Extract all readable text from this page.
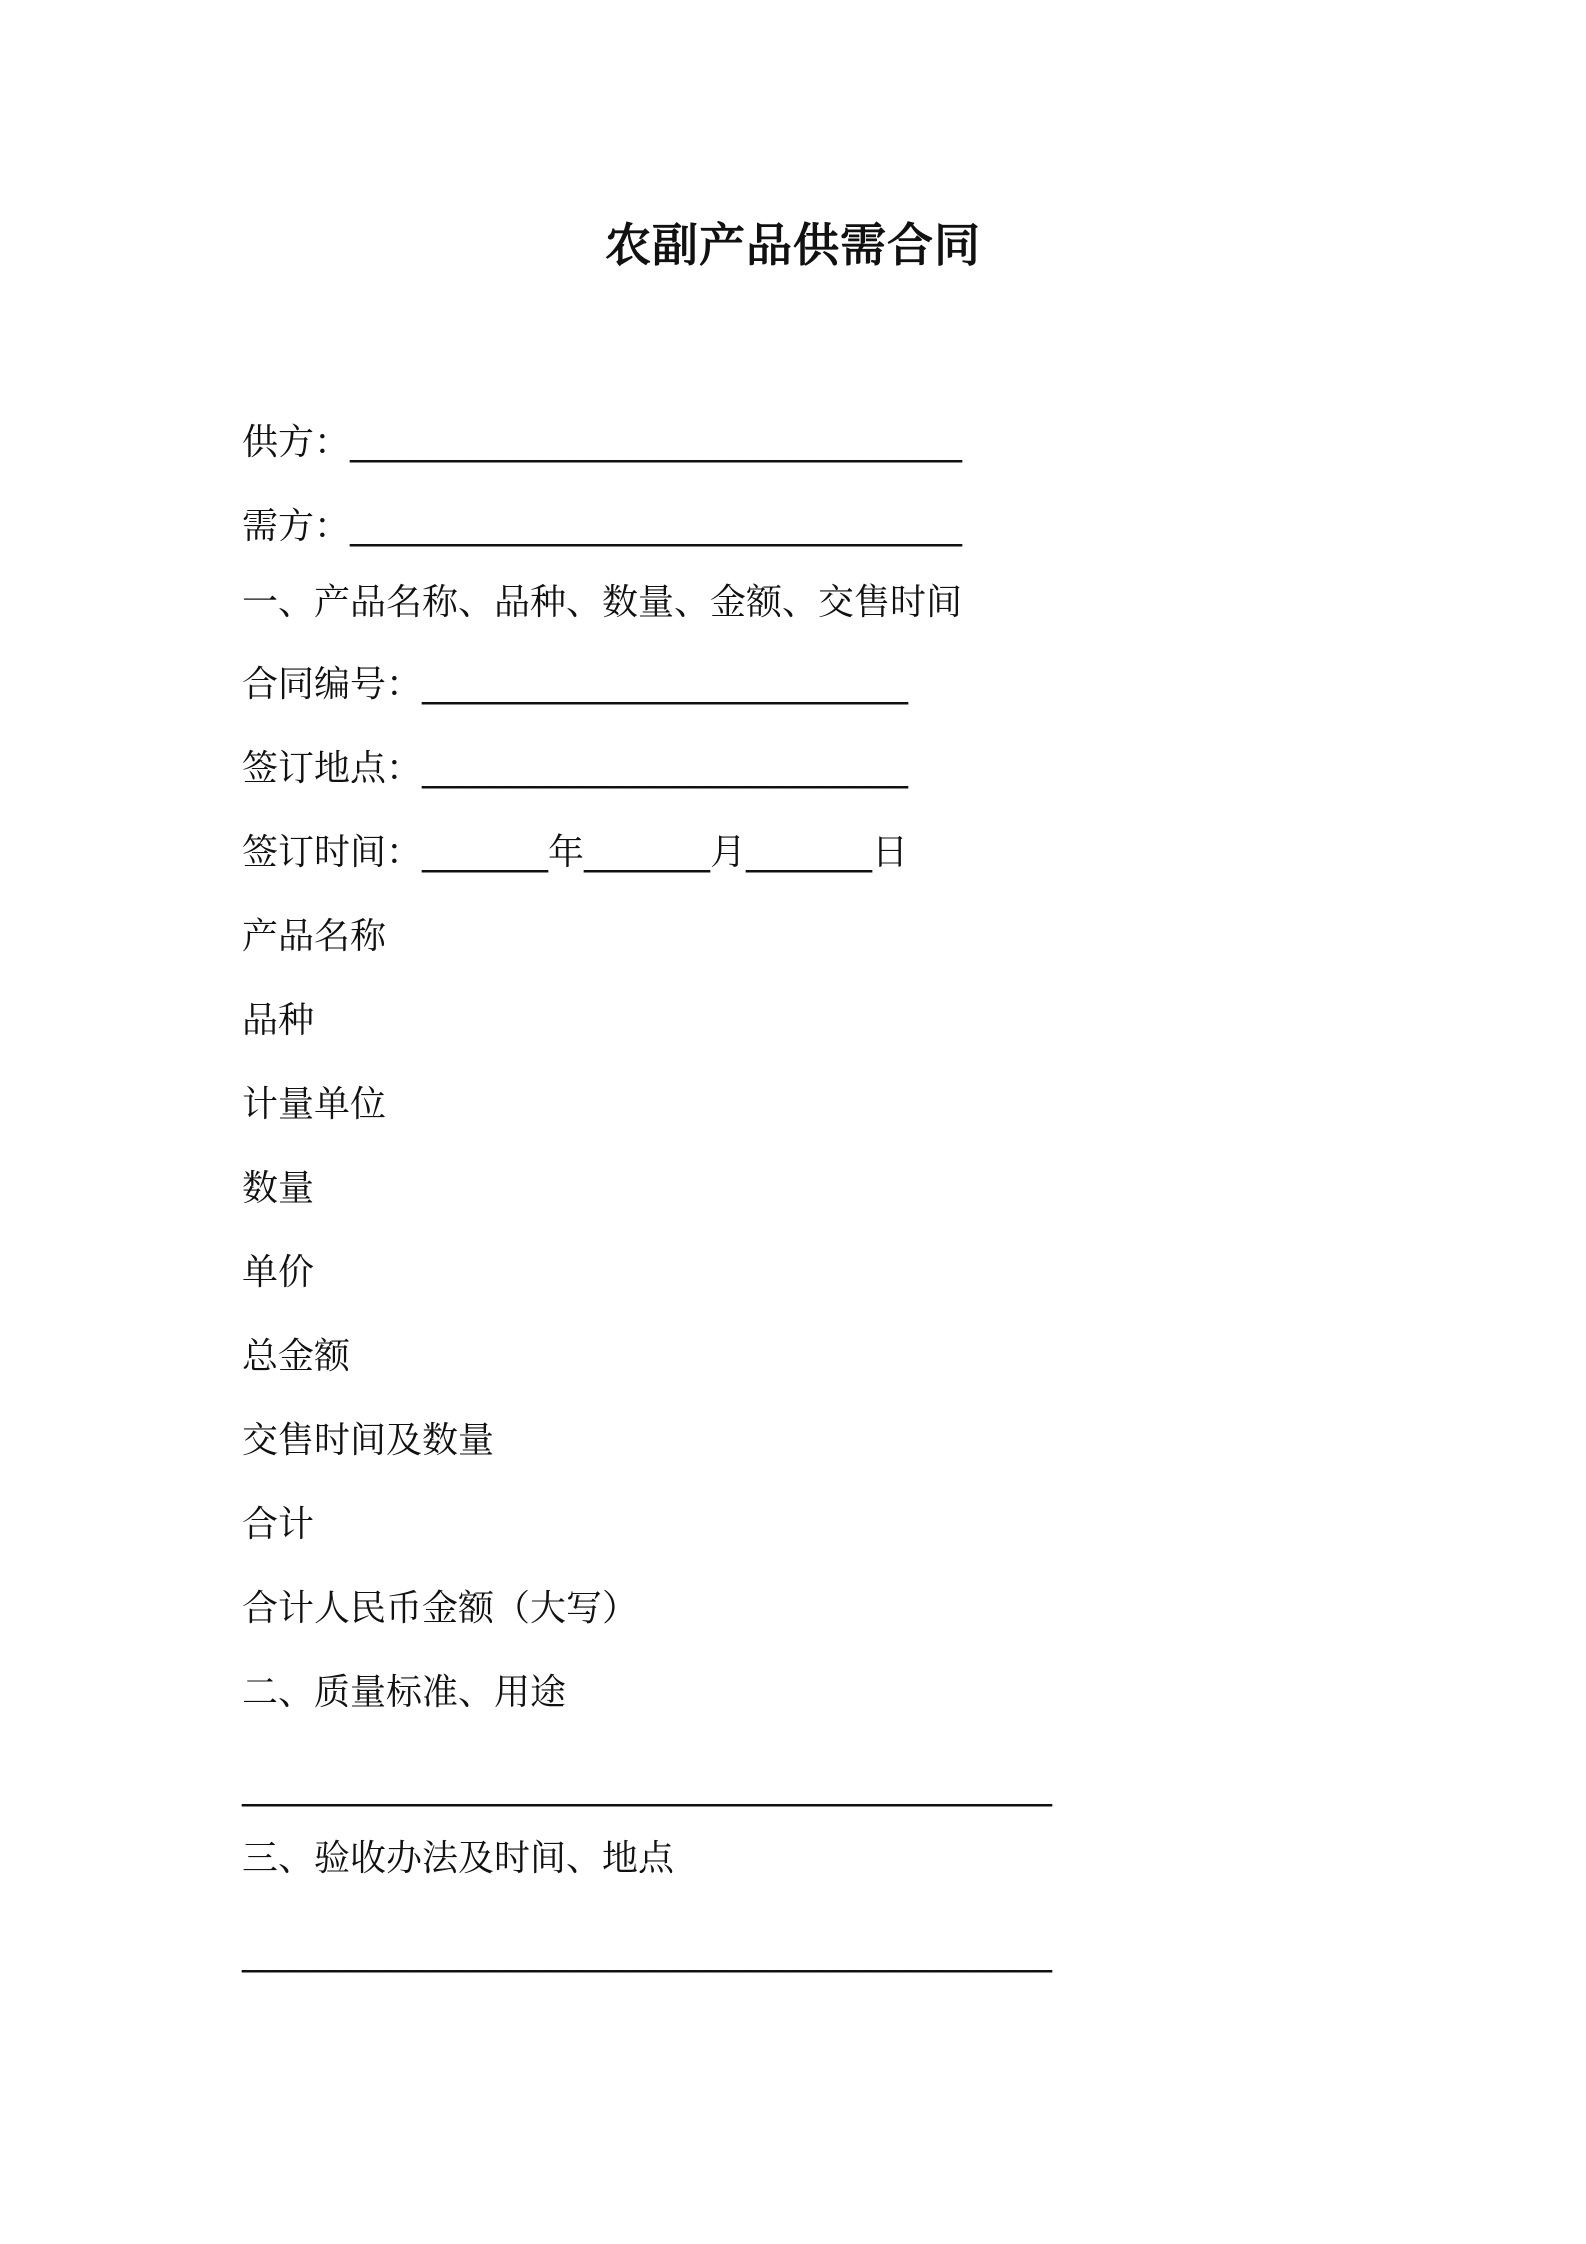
农副产品供需合同
供方：__________________________________
需方：__________________________________
一、产品名称、品种、数量、金额、交售时间
合同编号：___________________________
签订地点：___________________________
签订时间：_______年_______月_______日
产品名称
品种
计量单位
数量
单价
总金额
交售时间及数量
合计
合计人民币金额（大写）
二、质量标准、用途
_____________________________________________
三、验收办法及时间、地点
_____________________________________________
